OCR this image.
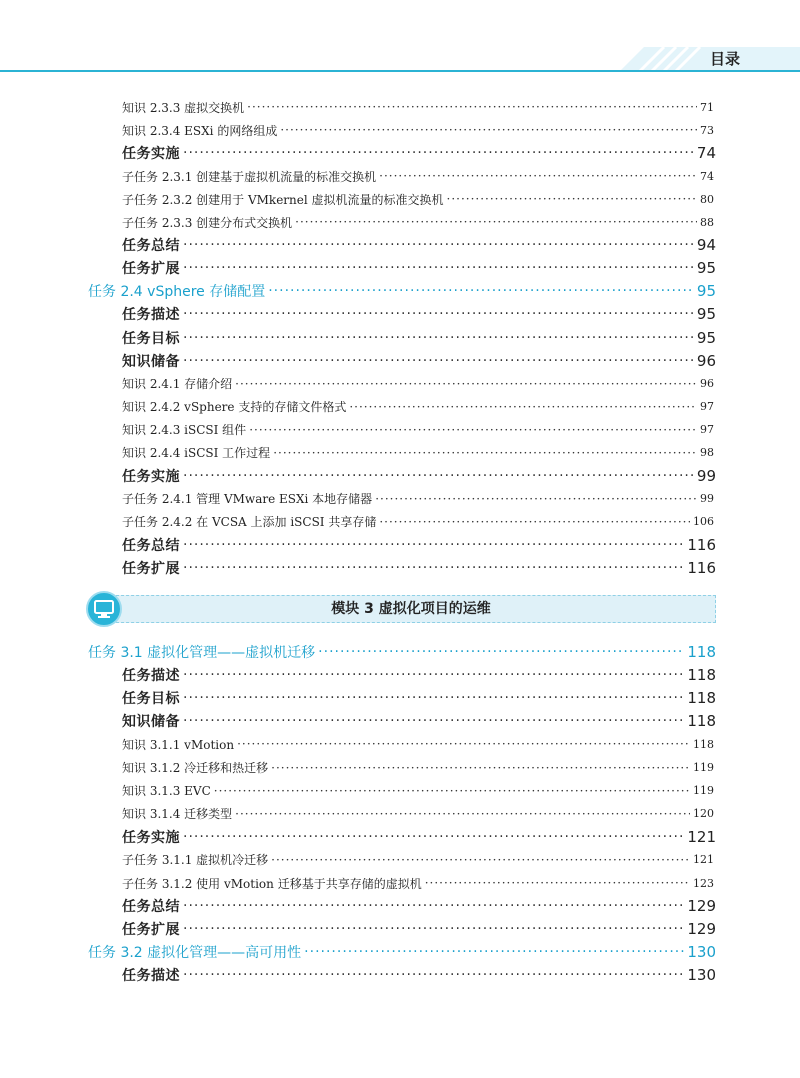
目录
知识 2.3.3 虚拟交换机 ·····	71
知识 2.3.4 ESXi 的网络组成 ·····	73
任务实施 ·····	74
子任务 2.3.1 创建基于虚拟机流量的标准交换机 ·····	74
子任务 2.3.2 创建用于 VMkernel 虚拟机流量的标准交换机 ·····	80
子任务 2.3.3 创建分布式交换机 ·····	88
任务总结 ·····	94
任务扩展 ·····	95
任务 2.4 vSphere 存储配置 ·····	95
任务描述 ·····	95
任务目标 ·····	95
知识储备 ·····	96
知识 2.4.1 存储介绍 ·····	96
知识 2.4.2 vSphere 支持的存储文件格式 ·····	97
知识 2.4.3 iSCSI 组件 ·····	97
知识 2.4.4 iSCSI 工作过程 ·····	98
任务实施 ·····	99
子任务 2.4.1 管理 VMware ESXi 本地存储器 ·····	99
子任务 2.4.2 在 VCSA 上添加 iSCSI 共享存储 ·····	106
任务总结 ·····	116
任务扩展 ·····	116
模块 3 虚拟化项目的运维
任务 3.1 虚拟化管理——虚拟机迁移 ·····	118
任务描述 ·····	118
任务目标 ·····	118
知识储备 ·····	118
知识 3.1.1 vMotion ·····	118
知识 3.1.2 冷迁移和热迁移 ·····	119
知识 3.1.3 EVC ·····	119
知识 3.1.4 迁移类型 ·····	120
任务实施 ·····	121
子任务 3.1.1 虚拟机冷迁移 ·····	121
子任务 3.1.2 使用 vMotion 迁移基于共享存储的虚拟机 ·····	123
任务总结 ·····	129
任务扩展 ·····	129
任务 3.2 虚拟化管理——高可用性 ·····	130
任务描述 ·····	130
